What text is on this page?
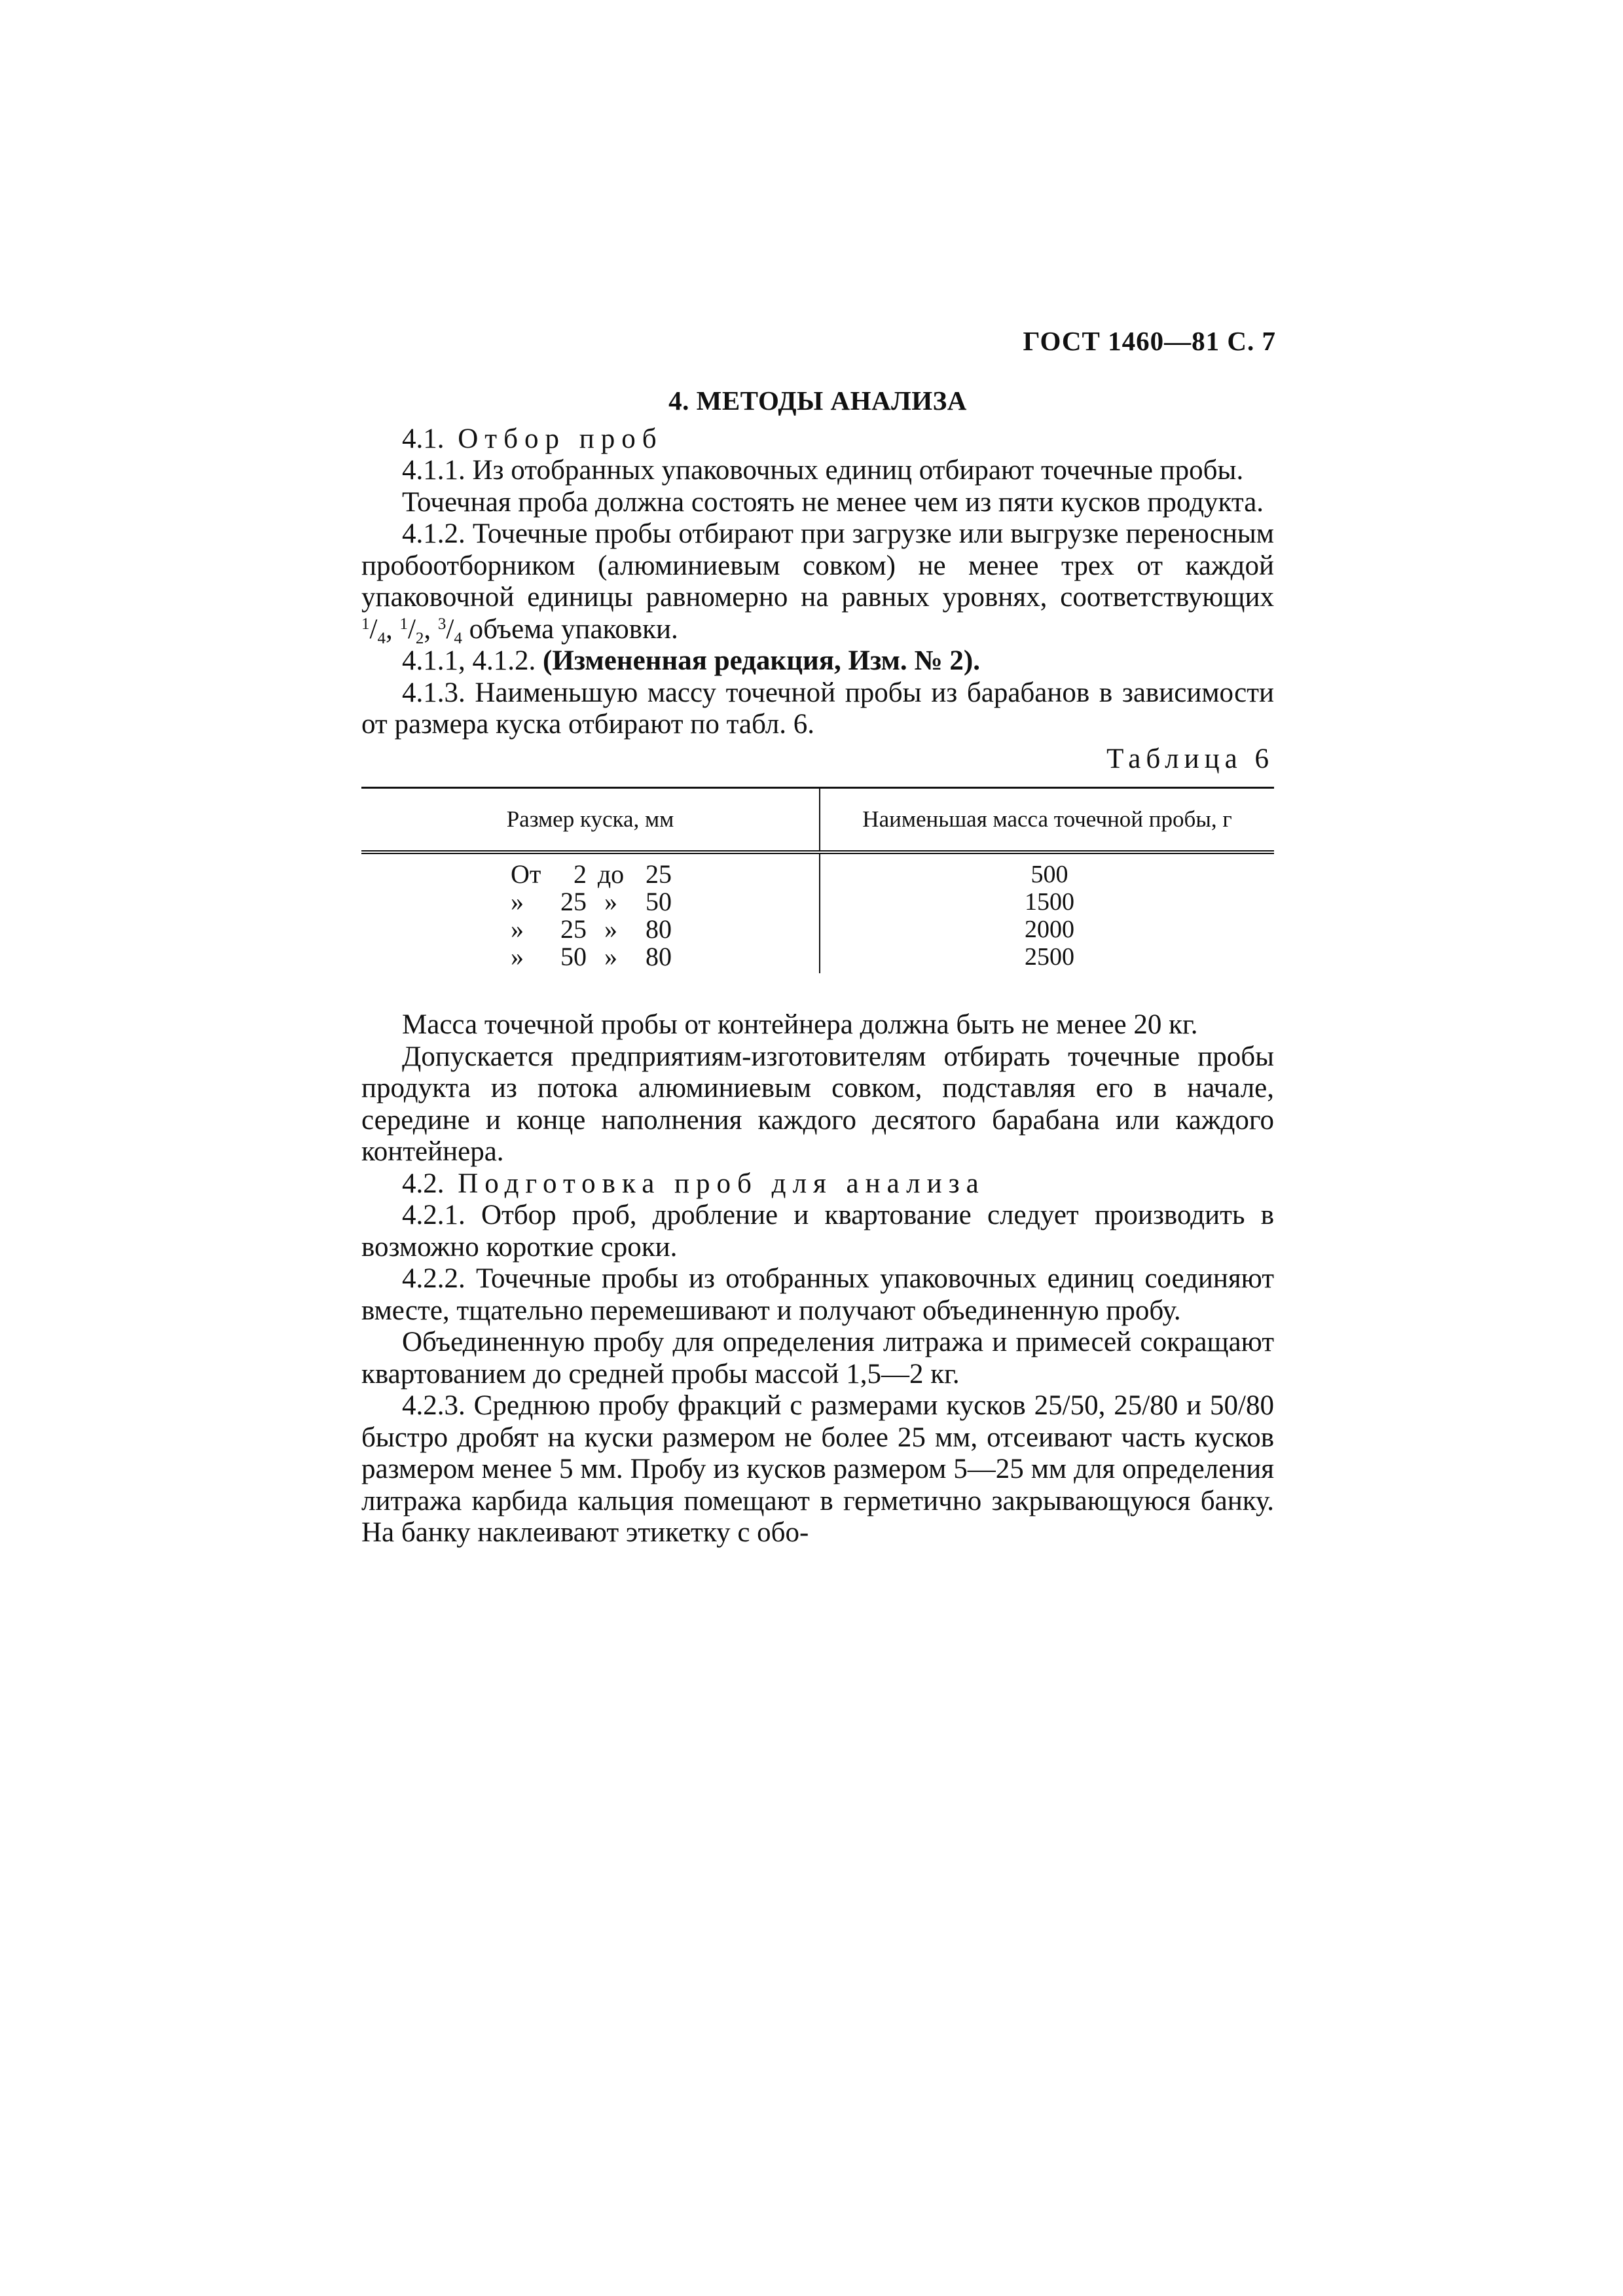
ГОСТ 1460—81 С. 7
4. МЕТОДЫ АНАЛИЗА

4.1. Отбор проб

4.1.1. Из отобранных упаковочных единиц отбирают точечные пробы.

Точечная проба должна состоять не менее чем из пяти кусков продукта.

4.1.2. Точечные пробы отбирают при загрузке или выгрузке переносным пробоотборником (алюминиевым совком) не менее трех от каждой упаковочной единицы равномерно на равных уровнях, соответствующих $^1/_4$, $^1/_2$, $^3/_4$ объема упаковки.

4.1.1, 4.1.2. (Измененная редакция, Изм. № 2).

4.1.3. Наименьшую массу точечной пробы из барабанов в зависимости от размера куска отбирают по табл. 6.

Таблица 6
Размер куска, мм	Наименьшая масса точечной пробы, г

От 2 до 25	500

» 25 » 50	1500

» 25 » 80	2000

» 50 » 80	2500

Масса точечной пробы от контейнера должна быть не менее 20 кг.

Допускается предприятиям-изготовителям отбирать точечные пробы продукта из потока алюминиевым совком, подставляя его в начале, середине и конце наполнения каждого десятого барабана или каждого контейнера.

4.2. Подготовка проб для анализа

4.2.1. Отбор проб, дробление и квартование следует производить в возможно короткие сроки.

4.2.2. Точечные пробы из отобранных упаковочных единиц соединяют вместе, тщательно перемешивают и получают объединенную пробу.

Объединенную пробу для определения литража и примесей сокращают квартованием до средней пробы массой 1,5—2 кг.

4.2.3. Среднюю пробу фракций с размерами кусков 25/50, 25/80 и 50/80 быстро дробят на куски размером не более 25 мм, отсеивают часть кусков размером менее 5 мм. Пробу из кусков размером 5—25 мм для определения литража карбида кальция помещают в герметично закрывающуюся банку. На банку наклеивают этикетку с обо-
